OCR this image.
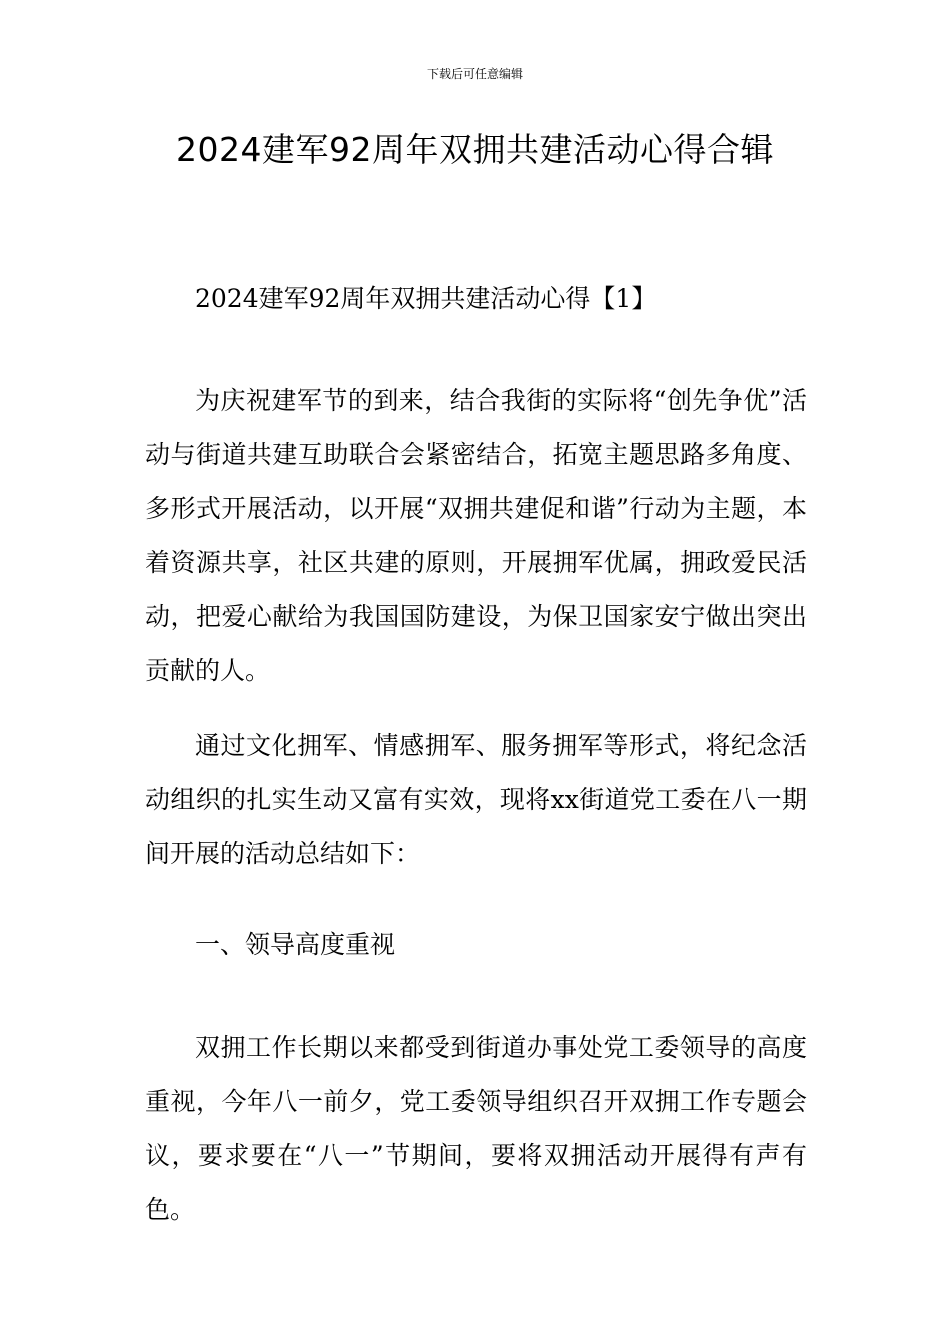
下载后可任意编辑
2024建军92周年双拥共建活动心得合辑

2024建军92周年双拥共建活动心得【1】

为庆祝建军节的到来，结合我街的实际将“创先争优”活动与街道共建互助联合会紧密结合，拓宽主题思路多角度、多形式开展活动，以开展“双拥共建促和谐”行动为主题，本着资源共享，社区共建的原则，开展拥军优属，拥政爱民活动，把爱心献给为我国国防建设，为保卫国家安宁做出突出贡献的人。

通过文化拥军、情感拥军、服务拥军等形式，将纪念活动组织的扎实生动又富有实效，现将xx街道党工委在八一期间开展的活动总结如下：

一、领导高度重视

双拥工作长期以来都受到街道办事处党工委领导的高度重视，今年八一前夕，党工委领导组织召开双拥工作专题会议，要求要在“八一”节期间，要将双拥活动开展得有声有色。
